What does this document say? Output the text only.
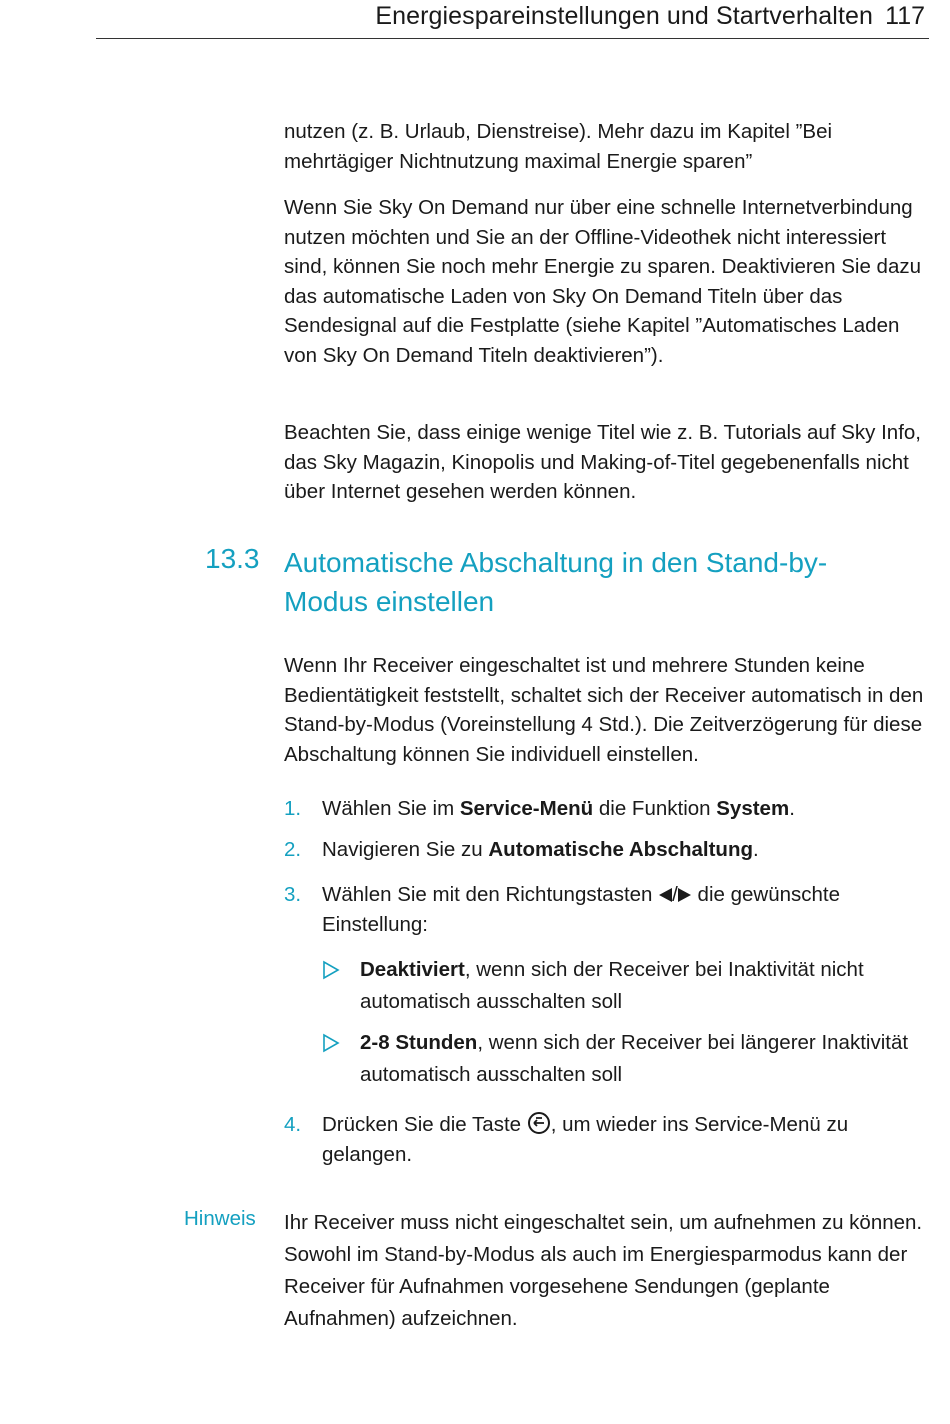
Energiespareinstellungen und Startverhalten 117

nutzen (z. B. Urlaub, Dienstreise). Mehr dazu im Kapitel ”Bei mehrtägiger Nichtnutzung maximal Energie sparen”

Wenn Sie Sky On Demand nur über eine schnelle Internetverbindung nutzen möchten und Sie an der Offline-Videothek nicht interessiert sind, können Sie noch mehr Energie zu sparen. Deaktivieren Sie dazu das automatische Laden von Sky On Demand Titeln über das Sendesignal auf die Festplatte (siehe Kapitel ”Automatisches Laden von Sky On Demand Titeln deaktivieren”).

Beachten Sie, dass einige wenige Titel wie z. B. Tutorials auf Sky Info, das Sky Magazin, Kinopolis und Making-of-Titel gegebenenfalls nicht über Internet gesehen werden können.

13.3 Automatische Abschaltung in den Stand-by-Modus einstellen

Wenn Ihr Receiver eingeschaltet ist und mehrere Stunden keine Bedientätigkeit feststellt, schaltet sich der Receiver automatisch in den Stand-by-Modus (Voreinstellung 4 Std.). Die Zeitverzögerung für diese Abschaltung können Sie individuell einstellen.

1. Wählen Sie im Service-Menü die Funktion System.
2. Navigieren Sie zu Automatische Abschaltung.
3. Wählen Sie mit den Richtungstasten / die gewünschte Einstellung:
Deaktiviert, wenn sich der Receiver bei Inaktivität nicht automatisch ausschalten soll
2-8 Stunden, wenn sich der Receiver bei längerer Inaktivität automatisch ausschalten soll
4. Drücken Sie die Taste , um wieder ins Service-Menü zu gelangen.
Hinweis Ihr Receiver muss nicht eingeschaltet sein, um aufnehmen zu können. Sowohl im Stand-by-Modus als auch im Energiesparmodus kann der Receiver für Aufnahmen vorgesehene Sendungen (geplante Aufnahmen) aufzeichnen.
